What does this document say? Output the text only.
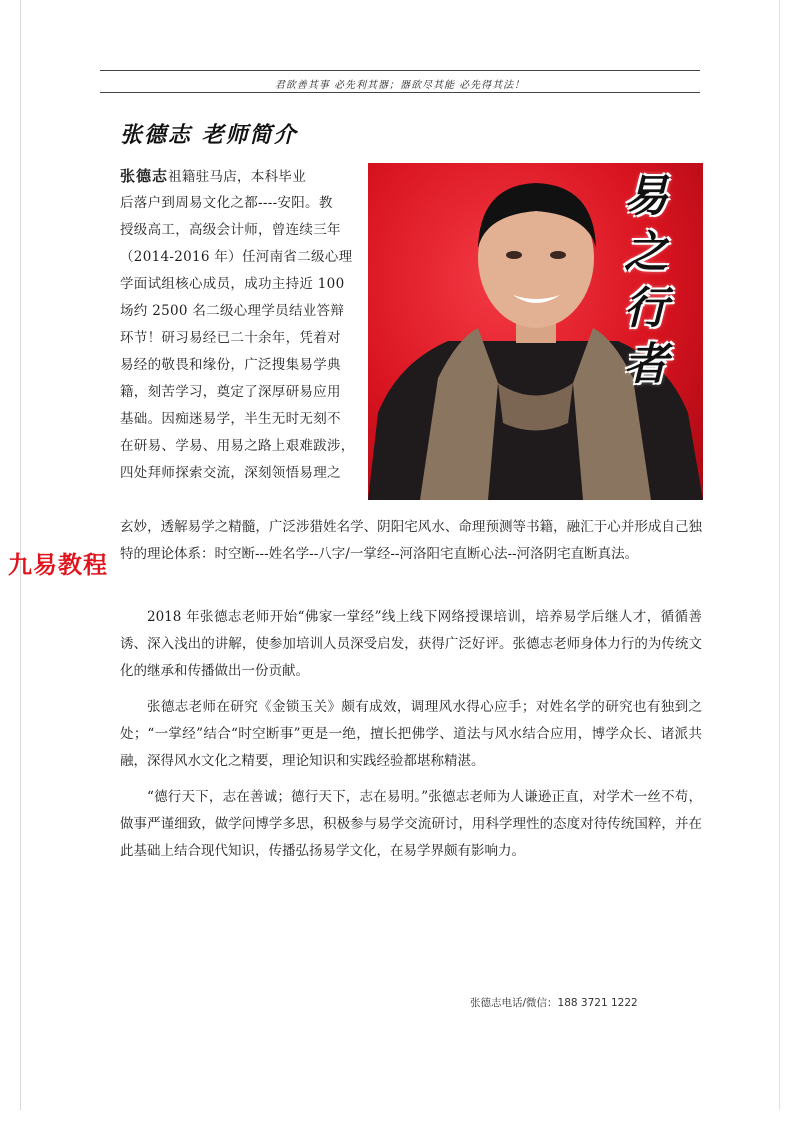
君欲善其事 必先利其器；器欲尽其能 必先得其法！
张德志 老师简介
易之行者
张德志祖籍驻马店，本科毕业
后落户到周易文化之都----安阳。教
授级高工，高级会计师，曾连续三年
（2014-2016 年）任河南省二级心理
学面试组核心成员，成功主持近 100
场约 2500 名二级心理学员结业答辩
环节！研习易经已二十余年，凭着对
易经的敬畏和缘份，广泛搜集易学典
籍，刻苦学习，奠定了深厚研易应用
基础。因痴迷易学，半生无时无刻不
在研易、学易、用易之路上艰难跋涉，
四处拜师探索交流，深刻领悟易理之
玄妙，透解易学之精髓，广泛涉猎姓名学、阴阳宅风水、命理预测等书籍，融汇于心并形成自己独特的理论体系：时空断---姓名学--八字/一掌经--河洛阳宅直断心法--河洛阴宅直断真法。
2018 年张德志老师开始“佛家一掌经”线上线下网络授课培训，培养易学后继人才，循循善诱、深入浅出的讲解，使参加培训人员深受启发，获得广泛好评。张德志老师身体力行的为传统文化的继承和传播做出一份贡献。
张德志老师在研究《金锁玉关》颇有成效，调理风水得心应手；对姓名学的研究也有独到之处；“一掌经”结合“时空断事”更是一绝，擅长把佛学、道法与风水结合应用，博学众长、诸派共融，深得风水文化之精要，理论知识和实践经验都堪称精湛。
“德行天下，志在善诚；德行天下，志在易明。”张德志老师为人谦逊正直，对学术一丝不苟，做事严谨细致，做学问博学多思，积极参与易学交流研讨，用科学理性的态度对待传统国粹，并在此基础上结合现代知识，传播弘扬易学文化，在易学界颇有影响力。
九易教程
张德志电话/微信：188 3721 1222
